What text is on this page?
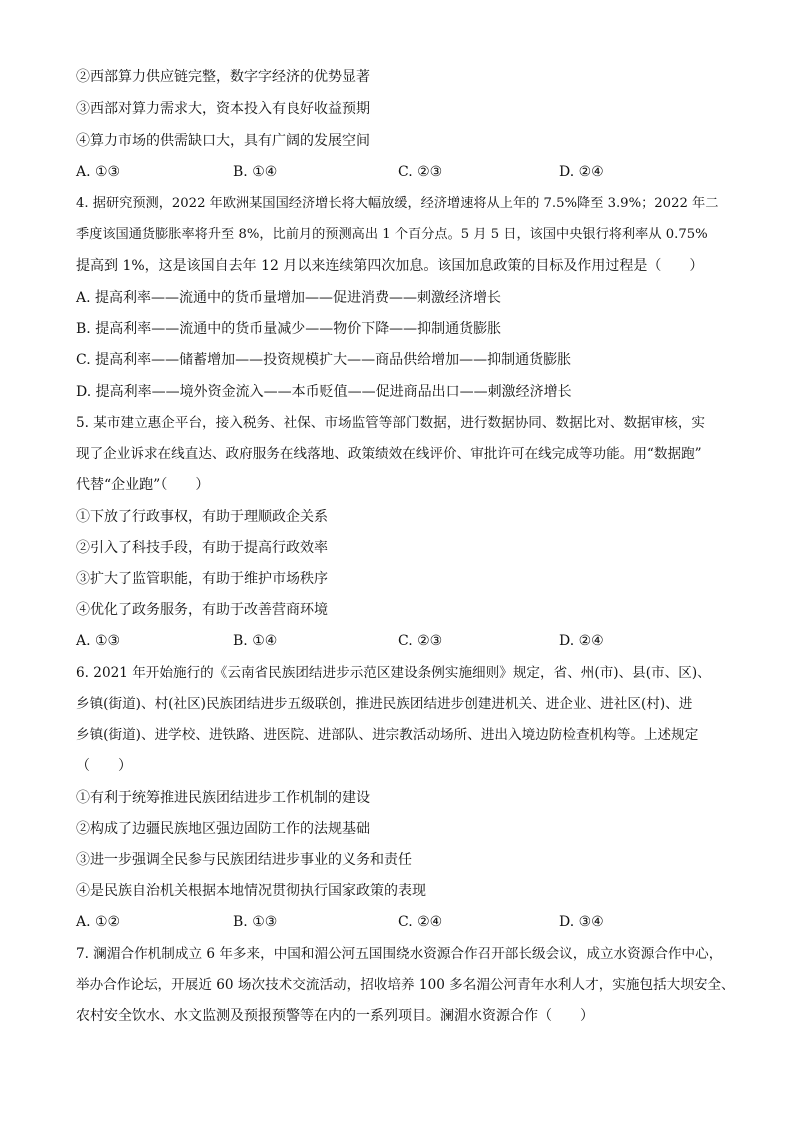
②西部算力供应链完整，数字字经济的优势显著
③西部对算力需求大，资本投入有良好收益预期
④算力市场的供需缺口大，具有广阔的发展空间
A. ①③	B. ①④	C. ②③	D. ②④
4. 据研究预测，2022 年欧洲某国国经济增长将大幅放缓，经济增速将从上年的 7.5%降至 3.9%；2022 年二
季度该国通货膨胀率将升至 8%，比前月的预测高出 1 个百分点。5 月 5 日，该国中央银行将利率从 0.75%
提高到 1%，这是该国自去年 12 月以来连续第四次加息。该国加息政策的目标及作用过程是（　　）
A. 提高利率——流通中的货币量增加——促进消费——刺激经济增长
B. 提高利率——流通中的货币量减少——物价下降——抑制通货膨胀
C. 提高利率——储蓄增加——投资规模扩大——商品供给增加——抑制通货膨胀
D. 提高利率——境外资金流入——本币贬值——促进商品出口——刺激经济增长
5. 某市建立惠企平台，接入税务、社保、市场监管等部门数据，进行数据协同、数据比对、数据审核，实
现了企业诉求在线直达、政府服务在线落地、政策绩效在线评价、审批许可在线完成等功能。用“数据跑”
代替“企业跑”（　　）
①下放了行政事权，有助于理顺政企关系
②引入了科技手段，有助于提高行政效率
③扩大了监管职能，有助于维护市场秩序
④优化了政务服务，有助于改善营商环境
A. ①③	B. ①④	C. ②③	D. ②④
6. 2021 年开始施行的《云南省民族团结进步示范区建设条例实施细则》规定，省、州(市)、县(市、区)、
乡镇(街道)、村(社区)民族团结进步五级联创，推进民族团结进步创建进机关、进企业、进社区(村)、进
乡镇(街道)、进学校、进铁路、进医院、进部队、进宗教活动场所、进出入境边防检查机构等。上述规定
（　　）
①有利于统筹推进民族团结进步工作机制的建设
②构成了边疆民族地区强边固防工作的法规基础
③进一步强调全民参与民族团结进步事业的义务和责任
④是民族自治机关根据本地情况贯彻执行国家政策的表现
A. ①②	B. ①③	C. ②④	D. ③④
7. 澜湄合作机制成立 6 年多来，中国和湄公河五国围绕水资源合作召开部长级会议，成立水资源合作中心，
举办合作论坛，开展近 60 场次技术交流活动，招收培养 100 多名湄公河青年水利人才，实施包括大坝安全、
农村安全饮水、水文监测及预报预警等在内的一系列项目。澜湄水资源合作（　　）
